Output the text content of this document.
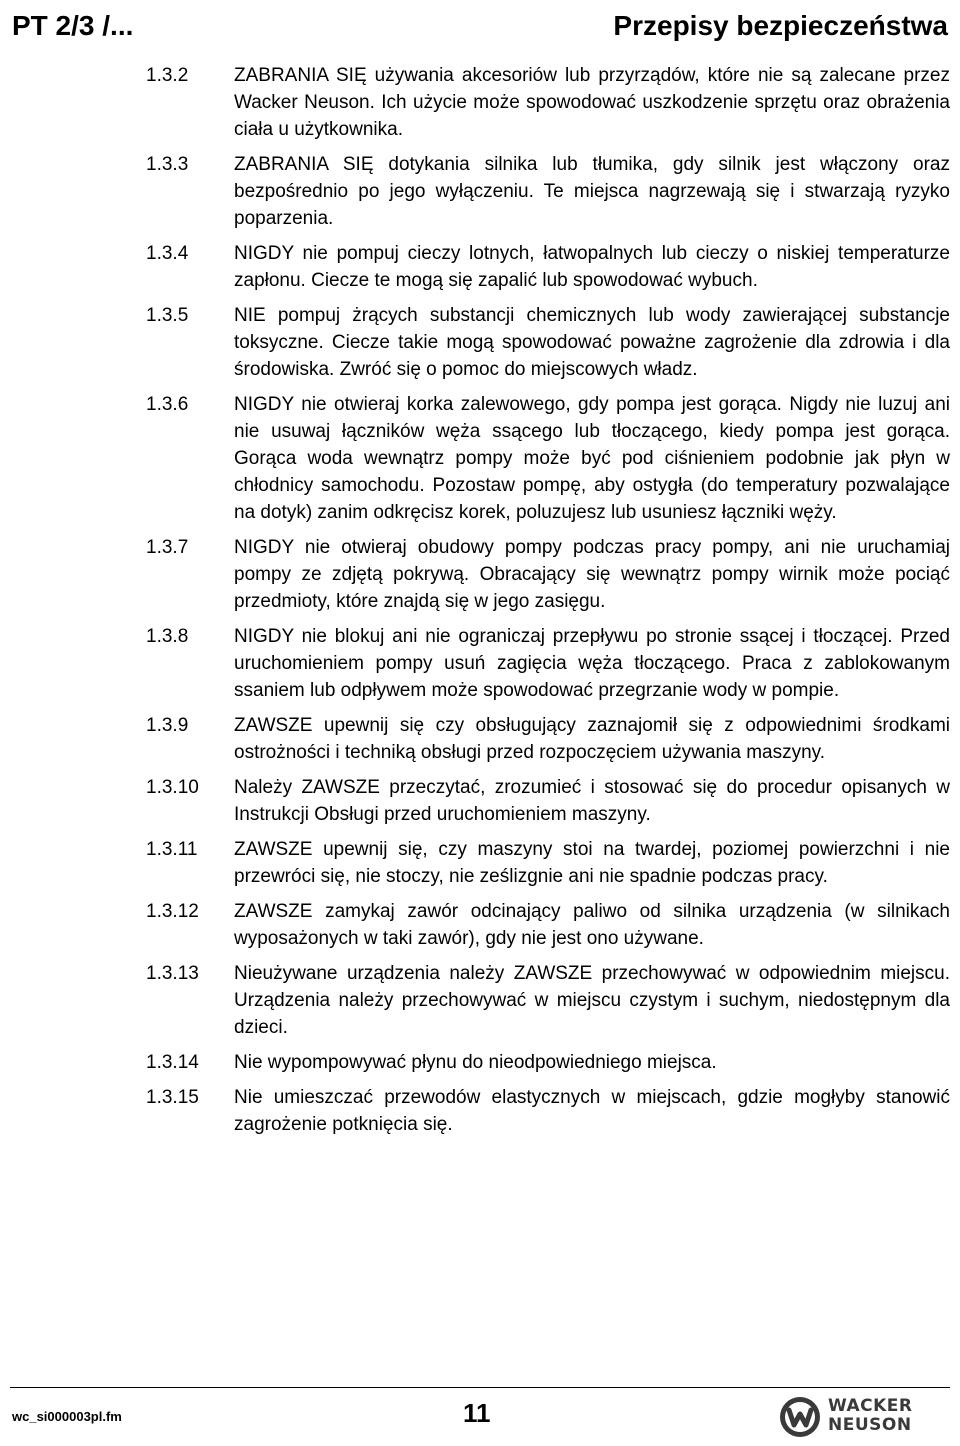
PT 2/3 /...	Przepisy bezpieczeństwa
1.3.2 ZABRANIA SIĘ używania akcesoriów lub przyrządów, które nie są zalecane przez Wacker Neuson. Ich użycie może spowodować uszkodzenie sprzętu oraz obrażenia ciała u użytkownika.
1.3.3 ZABRANIA SIĘ dotykania silnika lub tłumika, gdy silnik jest włączony oraz bezpośrednio po jego wyłączeniu. Te miejsca nagrzewają się i stwarzają ryzyko poparzenia.
1.3.4 NIGDY nie pompuj cieczy lotnych, łatwopalnych lub cieczy o niskiej temperaturze zapłonu. Ciecze te mogą się zapalić lub spowodować wybuch.
1.3.5 NIE pompuj żrących substancji chemicznych lub wody zawierającej substancje toksyczne. Ciecze takie mogą spowodować poważne zagrożenie dla zdrowia i dla środowiska. Zwróć się o pomoc do miejscowych władz.
1.3.6 NIGDY nie otwieraj korka zalewowego, gdy pompa jest gorąca. Nigdy nie luzuj ani nie usuwaj łączników węża ssącego lub tłoczącego, kiedy pompa jest gorąca. Gorąca woda wewnątrz pompy może być pod ciśnieniem podobnie jak płyn w chłodnicy samochodu. Pozostaw pompę, aby ostygła (do temperatury pozwalające na dotyk) zanim odkręcisz korek, poluzujesz lub usuniesz łączniki węży.
1.3.7 NIGDY nie otwieraj obudowy pompy podczas pracy pompy, ani nie uruchamiaj pompy ze zdjętą pokrywą. Obracający się wewnątrz pompy wirnik może pociąć przedmioty, które znajdą się w jego zasięgu.
1.3.8 NIGDY nie blokuj ani nie ograniczaj przepływu po stronie ssącej i tłoczącej. Przed uruchomieniem pompy usuń zagięcia węża tłoczącego. Praca z zablokowanym ssaniem lub odpływem może spowodować przegrzanie wody w pompie.
1.3.9 ZAWSZE upewnij się czy obsługujący zaznajomił się z odpowiednimi środkami ostrożności i techniką obsługi przed rozpoczęciem używania maszyny.
1.3.10 Należy ZAWSZE przeczytać, zrozumieć i stosować się do procedur opisanych w Instrukcji Obsługi przed uruchomieniem maszyny.
1.3.11 ZAWSZE upewnij się, czy maszyny stoi na twardej, poziomej powierzchni i nie przewróci się, nie stoczy, nie ześlizgnie ani nie spadnie podczas pracy.
1.3.12 ZAWSZE zamykaj zawór odcinający paliwo od silnika urządzenia (w silnikach wyposażonych w taki zawór), gdy nie jest ono używane.
1.3.13 Nieużywane urządzenia należy ZAWSZE przechowywać w odpowiednim miejscu. Urządzenia należy przechowywać w miejscu czystym i suchym, niedostępnym dla dzieci.
1.3.14 Nie wypompowywać płynu do nieodpowiedniego miejsca.
1.3.15 Nie umieszczać przewodów elastycznych w miejscach, gdzie mogłyby stanowić zagrożenie potknięcia się.
wc_si000003pl.fm	11	WACKER
NEUSON
